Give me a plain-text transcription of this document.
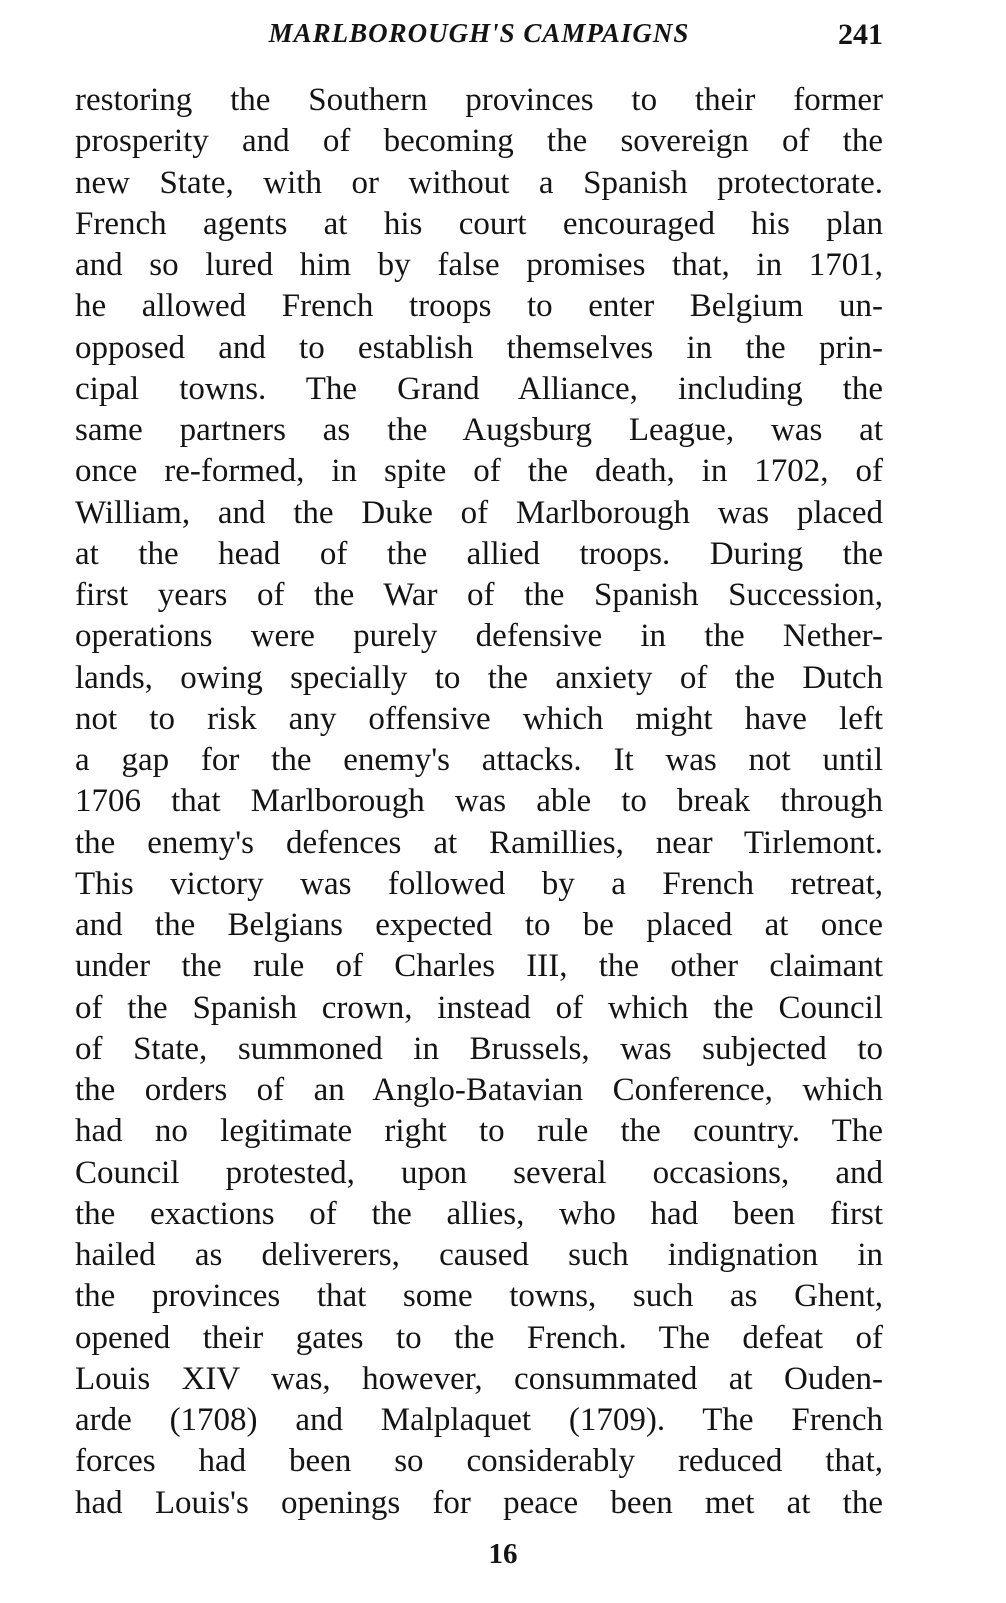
MARLBOROUGH'S CAMPAIGNS	241
restoring the Southern provinces to their former
prosperity and of becoming the sovereign of the
new State, with or without a Spanish protectorate.
French agents at his court encouraged his plan
and so lured him by false promises that, in 1701,
he allowed French troops to enter Belgium un-
opposed and to establish themselves in the prin-
cipal towns. The Grand Alliance, including the
same partners as the Augsburg League, was at
once re-formed, in spite of the death, in 1702, of
William, and the Duke of Marlborough was placed
at the head of the allied troops. During the
first years of the War of the Spanish Succession,
operations were purely defensive in the Nether-
lands, owing specially to the anxiety of the Dutch
not to risk any offensive which might have left
a gap for the enemy's attacks. It was not until
1706 that Marlborough was able to break through
the enemy's defences at Ramillies, near Tirlemont.
This victory was followed by a French retreat,
and the Belgians expected to be placed at once
under the rule of Charles III, the other claimant
of the Spanish crown, instead of which the Council
of State, summoned in Brussels, was subjected to
the orders of an Anglo-Batavian Conference, which
had no legitimate right to rule the country. The
Council protested, upon several occasions, and
the exactions of the allies, who had been first
hailed as deliverers, caused such indignation in
the provinces that some towns, such as Ghent,
opened their gates to the French. The defeat of
Louis XIV was, however, consummated at Ouden-
arde (1708) and Malplaquet (1709). The French
forces had been so considerably reduced that,
had Louis's openings for peace been met at the
16
